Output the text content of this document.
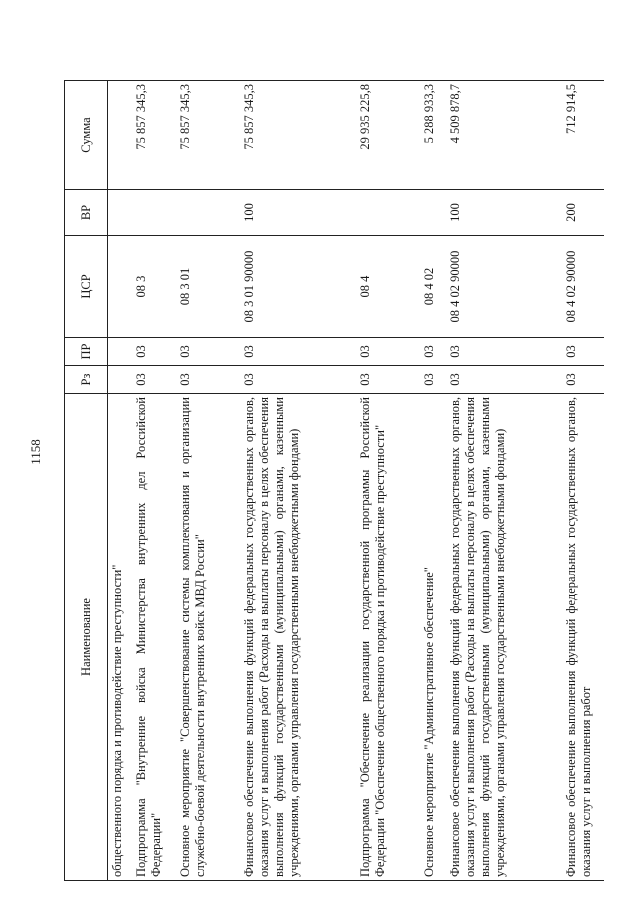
1158
Наименование	Рз	ПР	ЦСР	ВР	Сумма
общественного порядка и противодействие преступности"					
Подпрограмма "Внутренние войска Министерства внутренних дел Российской Федерации"	03	03	08 3		75 857 345,3
Основное мероприятие "Совершенствование системы комплектования и организации служебно-боевой деятельности внутренних войск МВД России"	03	03	08 3 01		75 857 345,3
Финансовое обеспечение выполнения функций федеральных государственных органов, оказания услуг и выполнения работ (Расходы на выплаты персоналу в целях обеспечения выполнения функций государственными (муниципальными) органами, казенными учреждениями, органами управления государственными внебюджетными фондами)	03	03	08 3 01 90000	100	75 857 345,3
Подпрограмма "Обеспечение реализации государственной программы Российской Федерации "Обеспечение общественного порядка и противодействие преступности"	03	03	08 4		29 935 225,8
Основное мероприятие "Административное обеспечение"	03	03	08 4 02		5 288 933,3
Финансовое обеспечение выполнения функций федеральных государственных органов, оказания услуг и выполнения работ (Расходы на выплаты персоналу в целях обеспечения выполнения функций государственными (муниципальными) органами, казенными учреждениями, органами управления государственными внебюджетными фондами)	03	03	08 4 02 90000	100	4 509 878,7
Финансовое обеспечение выполнения функций федеральных государственных органов, оказания услуг и выполнения работ	03	03	08 4 02 90000	200	712 914,5
